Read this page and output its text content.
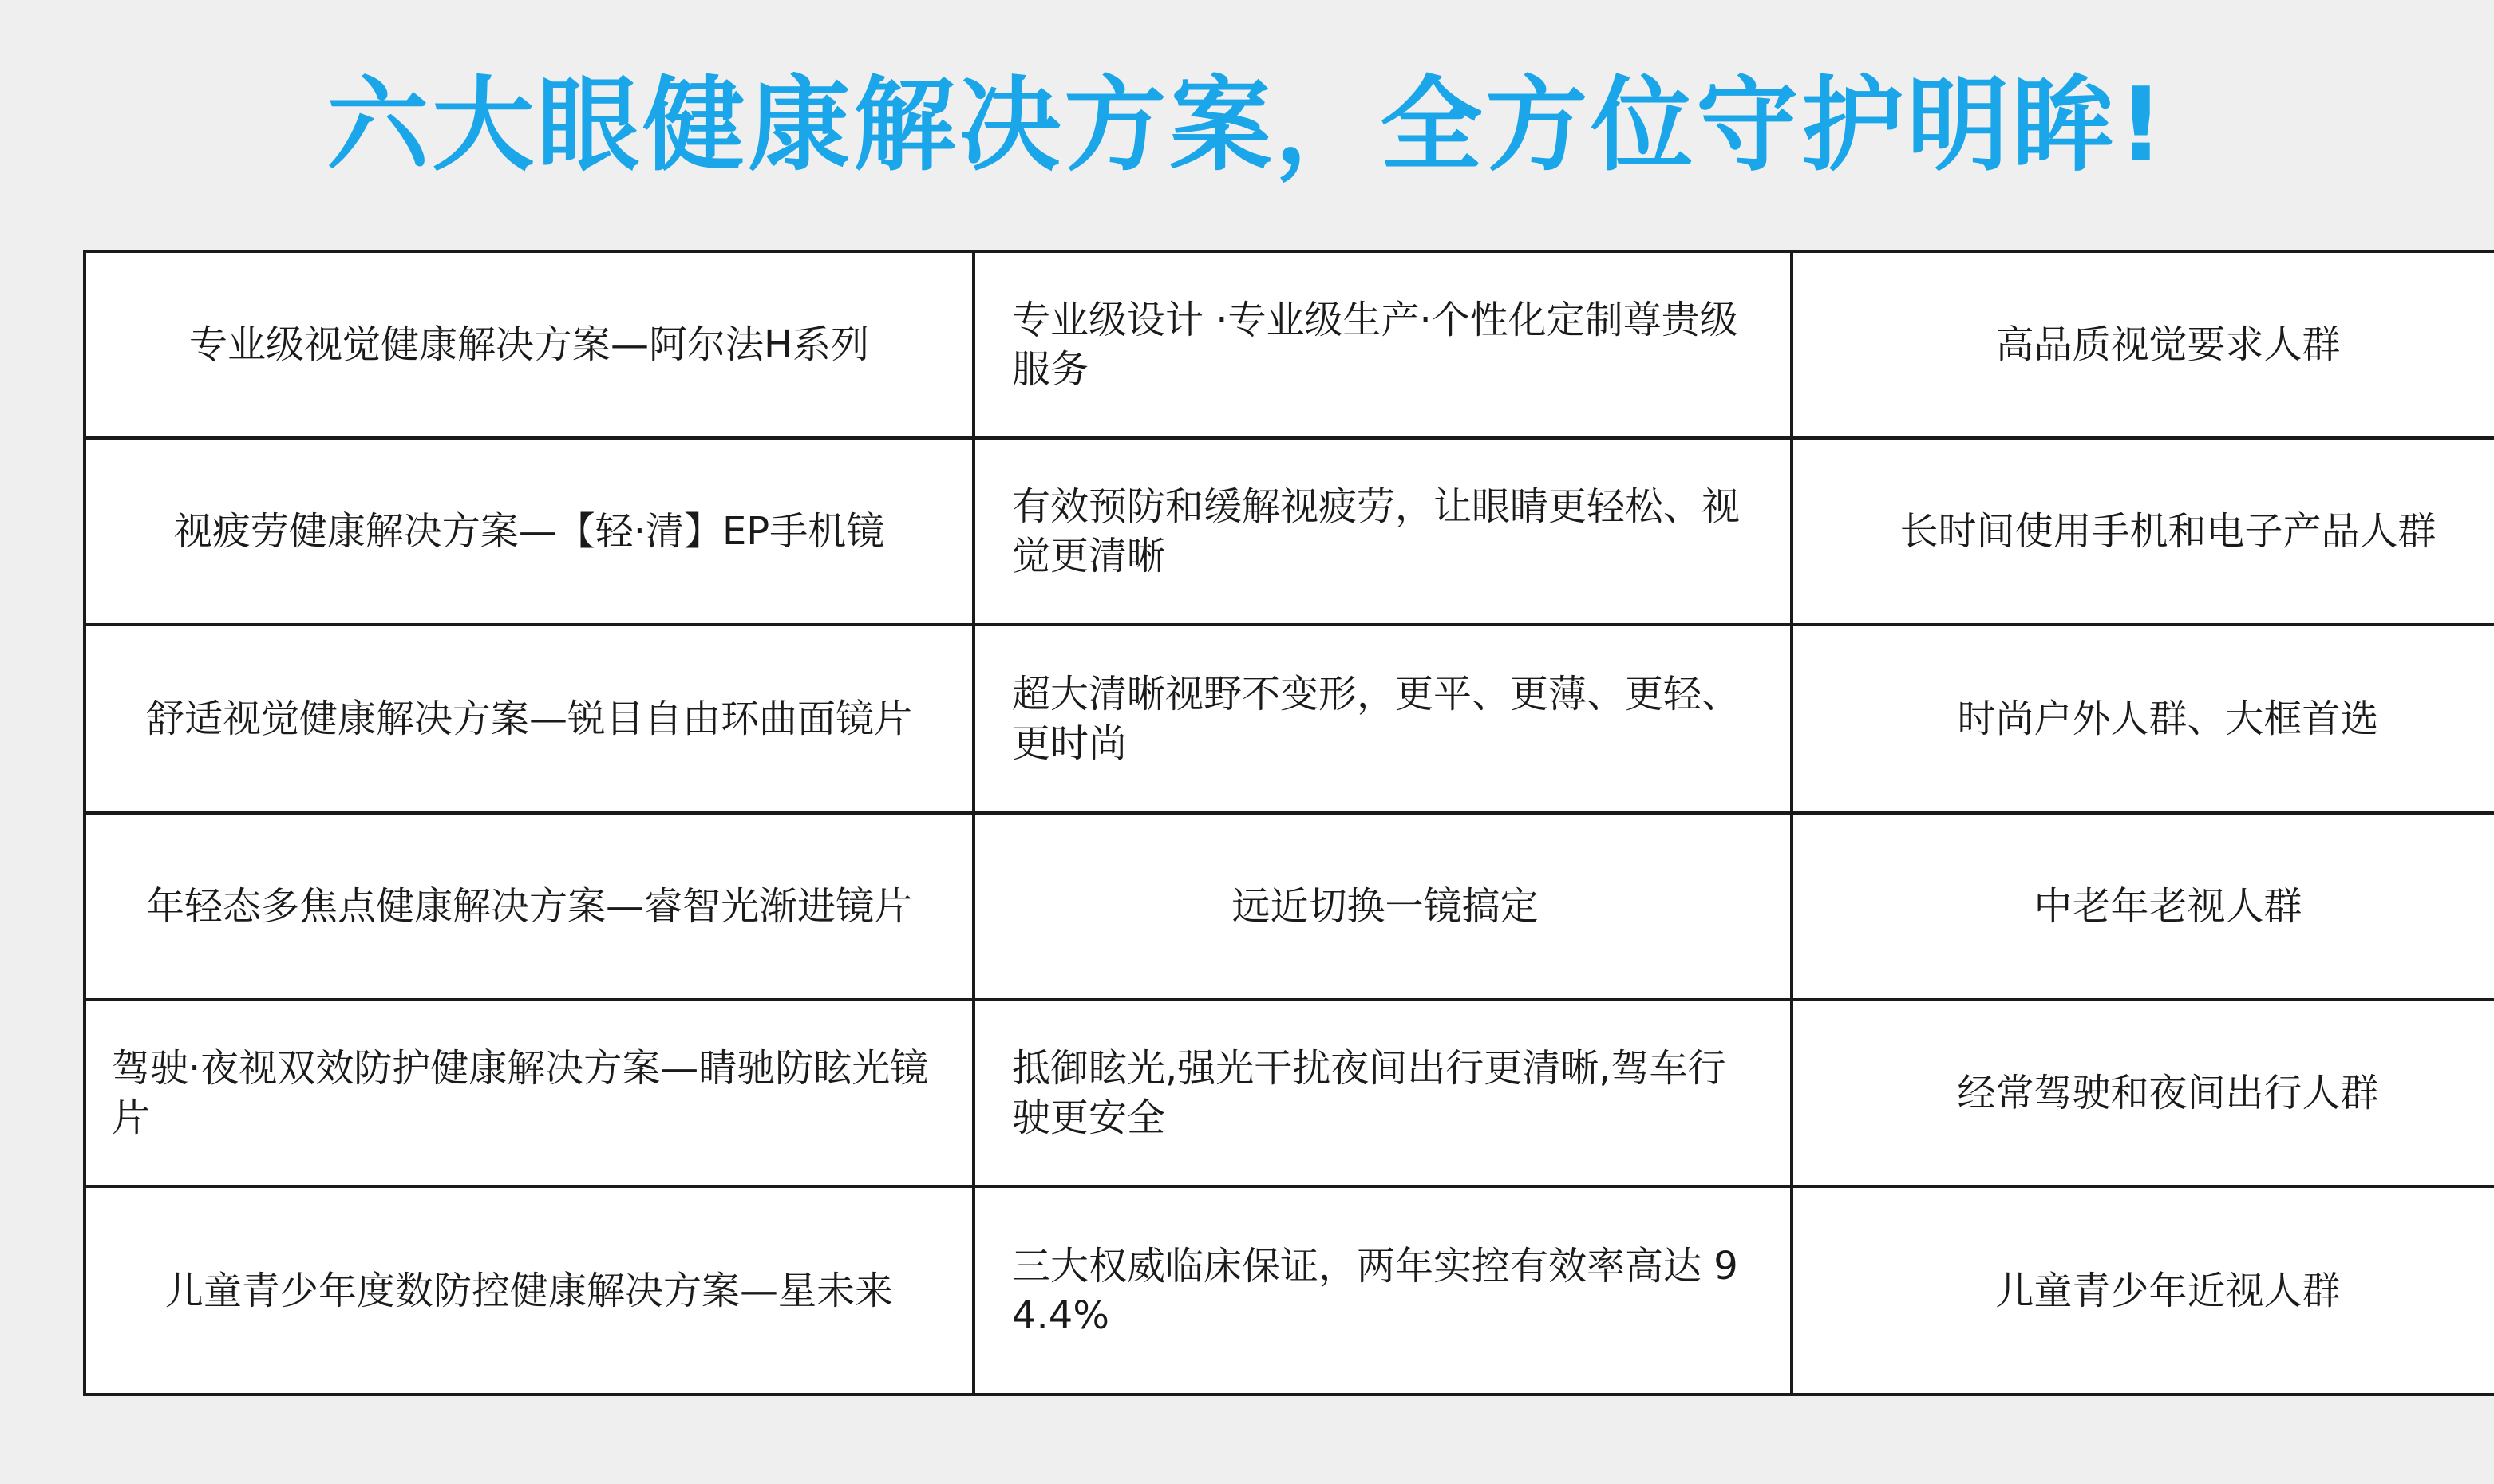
六大眼健康解决方案，全方位守护明眸!
专业级视觉健康解决方案—阿尔法H系列	专业级设计 ·专业级生产·个性化定制尊贵级服务	高品质视觉要求人群
视疲劳健康解决方案—【轻·清】EP手机镜	有效预防和缓解视疲劳，让眼睛更轻松、视觉更清晰	长时间使用手机和电子产品人群
舒适视觉健康解决方案—锐目自由环曲面镜片	超大清晰视野不变形，更平、更薄、更轻、更时尚	时尚户外人群、大框首选
年轻态多焦点健康解决方案—睿智光渐进镜片	远近切换一镜搞定	中老年老视人群
驾驶·夜视双效防护健康解决方案—睛驰防眩光镜片	抵御眩光,强光干扰夜间出行更清晰,驾车行驶更安全	经常驾驶和夜间出行人群
儿童青少年度数防控健康解决方案—星未来	三大权威临床保证，两年实控有效率高达 94.4%	儿童青少年近视人群
